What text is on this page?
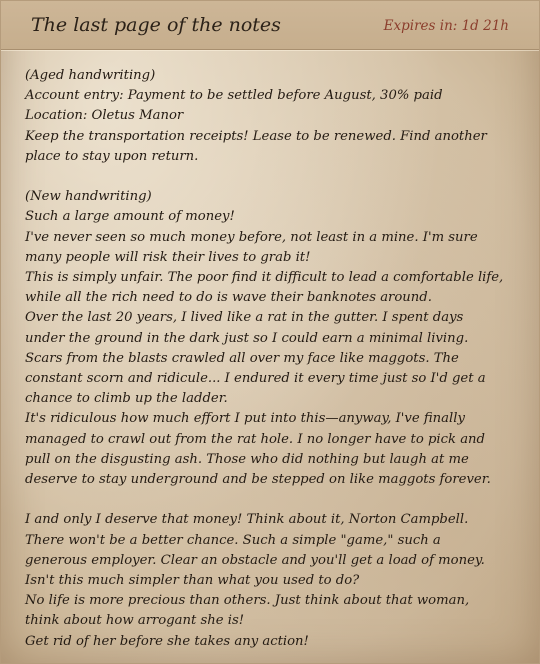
The last page of the notes	Expires in: 1d 21h

(Aged handwriting)

Account entry: Payment to be settled before August, 30% paid

Location: Oletus Manor

Keep the transportation receipts! Lease to be renewed. Find another place to stay upon return.

(New handwriting)

Such a large amount of money!

I've never seen so much money before, not least in a mine. I'm sure many people will risk their lives to grab it!

This is simply unfair. The poor find it difficult to lead a comfortable life, while all the rich need to do is wave their banknotes around.

Over the last 20 years, I lived like a rat in the gutter. I spent days under the ground in the dark just so I could earn a minimal living. Scars from the blasts crawled all over my face like maggots. The constant scorn and ridicule... I endured it every time just so I'd get a chance to climb up the ladder.

It's ridiculous how much effort I put into this—anyway, I've finally managed to crawl out from the rat hole. I no longer have to pick and pull on the disgusting ash. Those who did nothing but laugh at me deserve to stay underground and be stepped on like maggots forever.

I and only I deserve that money! Think about it, Norton Campbell. There won't be a better chance. Such a simple "game," such a generous employer. Clear an obstacle and you'll get a load of money. Isn't this much simpler than what you used to do?

No life is more precious than others. Just think about that woman, think about how arrogant she is!

Get rid of her before she takes any action!
